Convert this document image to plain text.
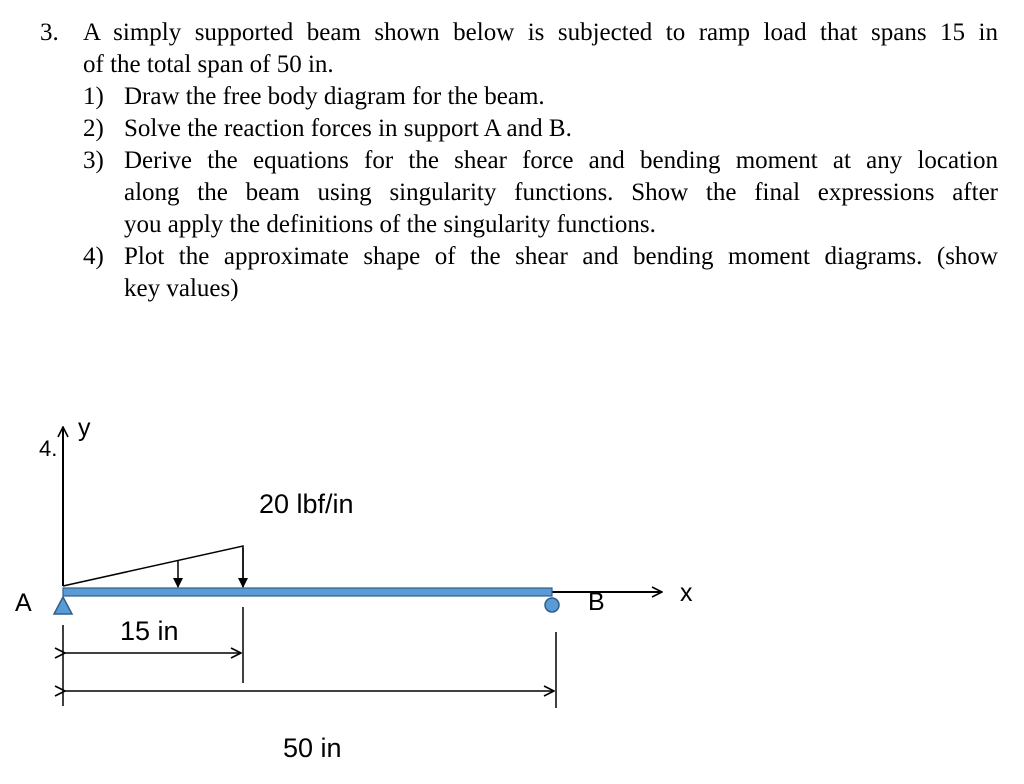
3. A simply supported beam shown below is subjected to ramp load that spans 15 in
of the total span of 50 in.
1) Draw the free body diagram for the beam.
2) Solve the reaction forces in support A and B.
3) Derive the equations for the shear force and bending moment at any location
along the beam using singularity functions. Show the final expressions after
you apply the definitions of the singularity functions.
4) Plot the approximate shape of the shear and bending moment diagrams. (show
key values)
y
4.
x
20 lbf/in
A	B
15 in
50 in
